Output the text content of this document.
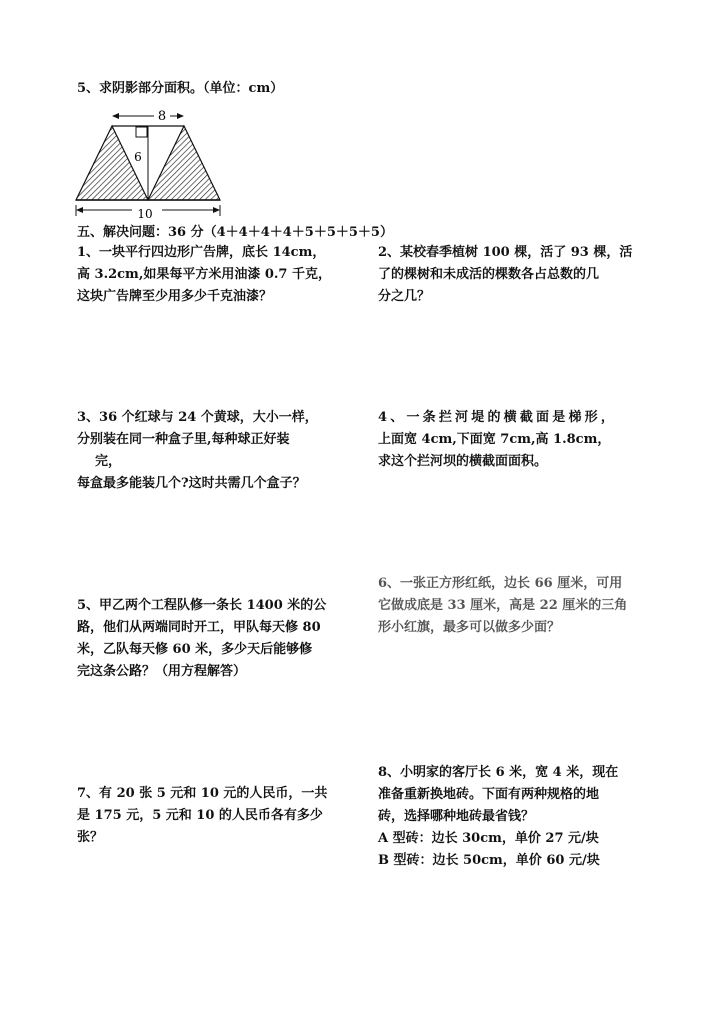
5、求阴影部分面积。（单位：cm）
8
6
10
五、解决问题：36 分（4＋4＋4＋4＋5＋5＋5＋5）
1、一块平行四边形广告牌，底长 14cm，
高 3.2cm,如果每平方米用油漆 0.7 千克，
这块广告牌至少用多少千克油漆？
2、某校春季植树 100 棵，活了 93 棵，活
了的棵树和未成活的棵数各占总数的几
分之几？
3、36 个红球与 24 个黄球，大小一样，
分别装在同一种盒子里,每种球正好装
完，
每盒最多能装几个?这时共需几个盒子？
4、一条拦河堤的横截面是梯形，
上面宽 4cm,下面宽 7cm,高 1.8cm，
求这个拦河坝的横截面面积。
6、一张正方形红纸，边长 66 厘米，可用
它做成底是 33 厘米，高是 22 厘米的三角
形小红旗，最多可以做多少面？
5、甲乙两个工程队修一条长 1400 米的公
路，他们从两端同时开工，甲队每天修 80
米，乙队每天修 60 米，多少天后能够修
完这条公路？（用方程解答）
8、小明家的客厅长 6 米，宽 4 米，现在
准备重新换地砖。下面有两种规格的地
砖，选择哪种地砖最省钱？
A 型砖：边长 30cm，单价 27 元/块
B 型砖：边长 50cm，单价 60 元/块
7、有 20 张 5 元和 10 元的人民币，一共
是 175 元，5 元和 10 的人民币各有多少
张？
